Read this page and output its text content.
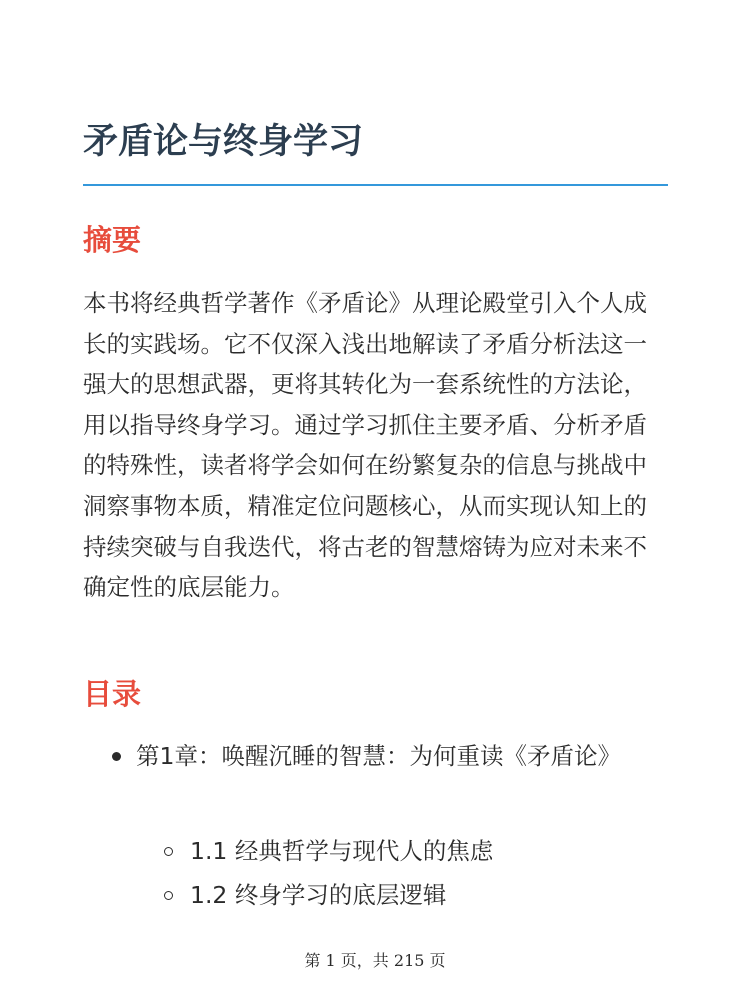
矛盾论与终身学习
摘要

本书将经典哲学著作《矛盾论》从理论殿堂引入个人成长的实践场。它不仅深入浅出地解读了矛盾分析法这一强大的思想武器，更将其转化为一套系统性的方法论，用以指导终身学习。通过学习抓住主要矛盾、分析矛盾的特殊性，读者将学会如何在纷繁复杂的信息与挑战中洞察事物本质，精准定位问题核心，从而实现认知上的持续突破与自我迭代，将古老的智慧熔铸为应对未来不确定性的底层能力。

目录
第1章：唤醒沉睡的智慧：为何重读《矛盾论》
1.1 经典哲学与现代人的焦虑
1.2 终身学习的底层逻辑
第 1 页，共 215 页
